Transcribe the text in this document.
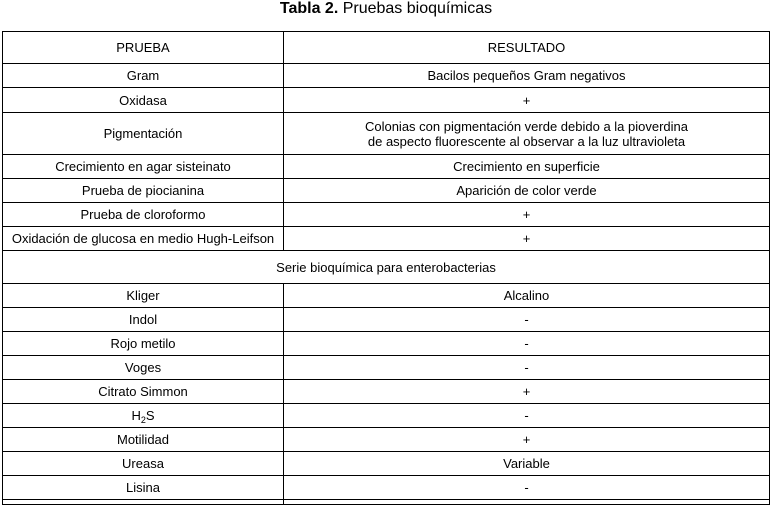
Tabla 2. Pruebas bioquímicas
PRUEBA	RESULTADO
Gram	Bacilos pequeños Gram negativos
Oxidasa	+
Pigmentación	Colonias con pigmentación verde debido a la pioverdina
de aspecto fluorescente al observar a la luz ultravioleta
Crecimiento en agar sisteinato	Crecimiento en superficie
Prueba de piocianina	Aparición de color verde
Prueba de cloroformo	+
Oxidación de glucosa en medio Hugh-Leifson	+
Serie bioquímica para enterobacterias	
Kliger	Alcalino
Indol	-
Rojo metilo	-
Voges	-
Citrato Simmon	+
$H_2S$	-
Motilidad	+
Ureasa	Variable
Lisina	-
